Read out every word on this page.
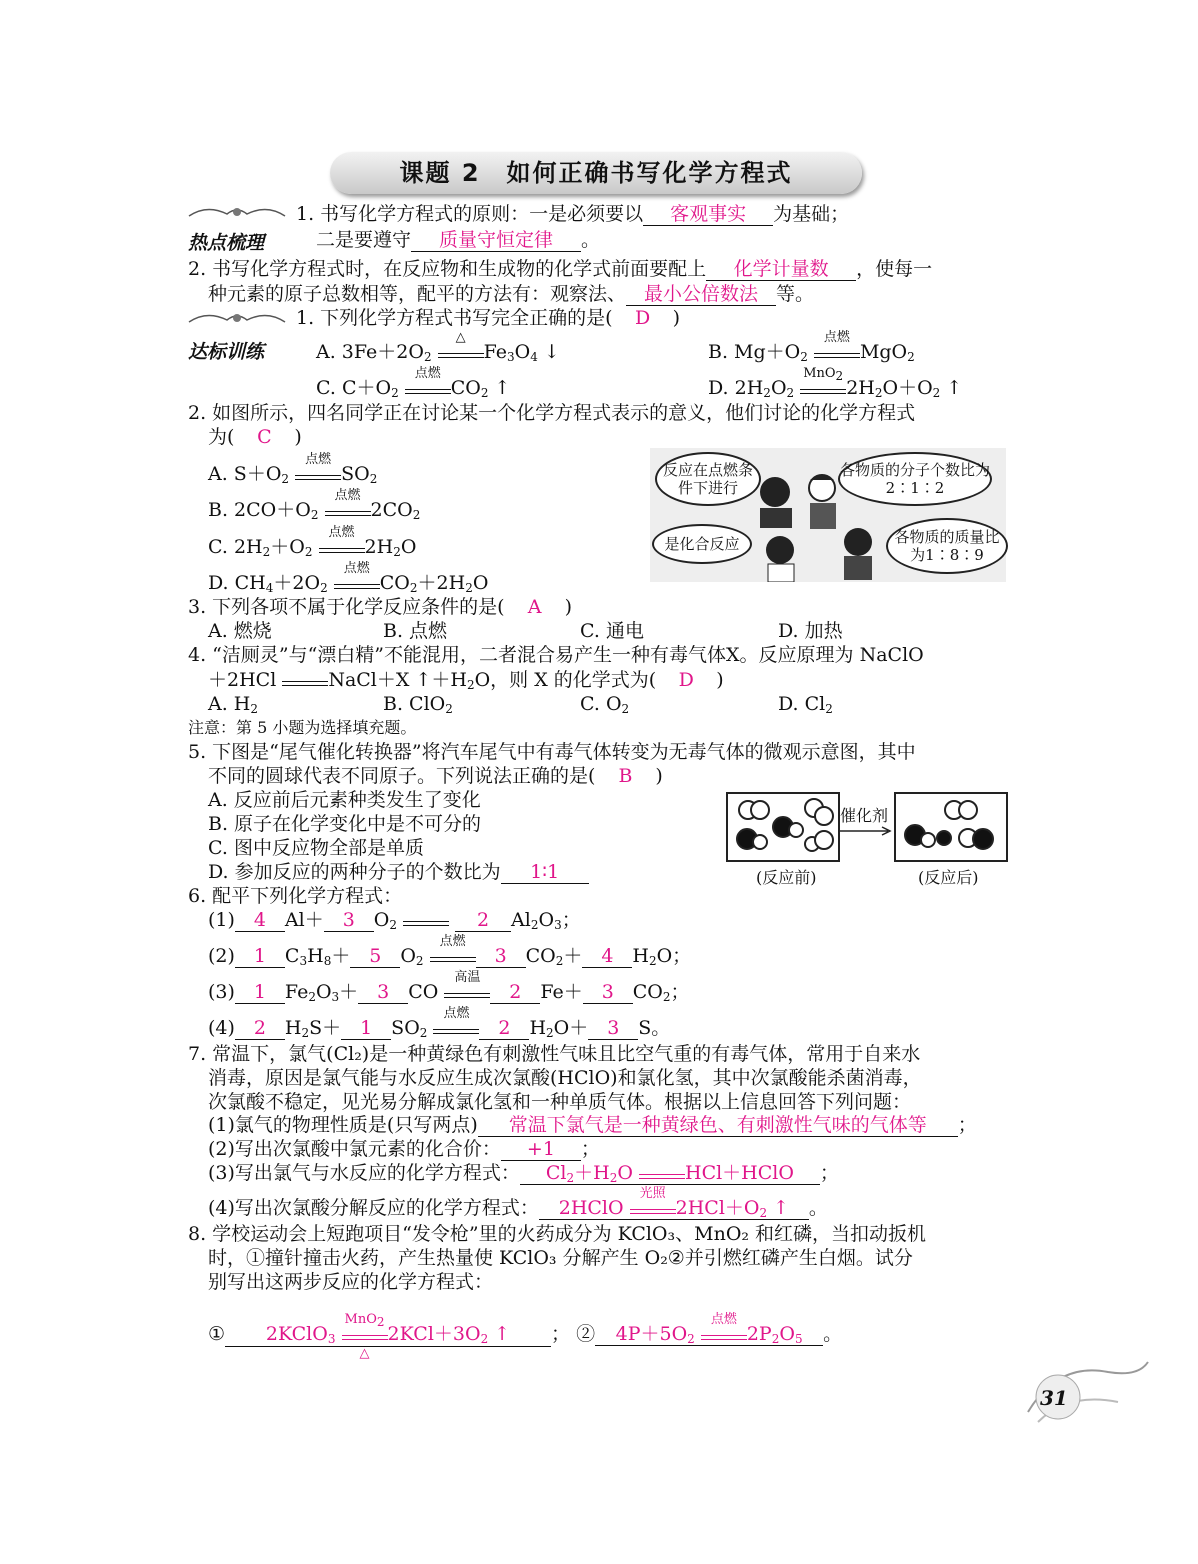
课题 2　如何正确书写化学方程式
热点梳理
达标训练
1. 书写化学方程式的原则：一是必须要以 客观事实 为基础；
二是要遵守 质量守恒定律 。
2. 书写化学方程式时，在反应物和生成物的化学式前面要配上 化学计量数 ，使每一
种元素的原子总数相等，配平的方法有：观察法、 最小公倍数法 等。
1. 下列化学方程式书写完全正确的是( D )
A. $3Fe+2O_2$
△
$Fe_3O_4$ ↓	B. $Mg+O_2$
点燃
MgO$_2$
C. $C+O_2$
点燃
$CO_2$ ↑	D. $2H_2O_2$
MnO$_2$
$2H_2O+O_2$ ↑
2. 如图所示，四名同学正在讨论某一个化学方程式表示的意义，他们讨论的化学方程式
为( C )
A. $S+O_2$
点燃
$SO_2$
B. $2CO+O_2$
点燃
$2CO_2$
C. $2H_2+O_2$
点燃
$2H_2O$
D. $CH_4+2O_2$
点燃
$CO_2+2H_2O$
反应在点燃条件下进行
各物质的分子个数比为2∶1∶2
是化合反应	各物质的质量比为1∶8∶9
3. 下列各项不属于化学反应条件的是( A )
A. 燃烧	B. 点燃	C. 通电	D. 加热
4. “洁厕灵”与“漂白精”不能混用，二者混合易产生一种有毒气体X。反应原理为 NaClO
＋2HCl
NaCl＋X $↑+H_2O$，则 X 的化学式为( D )
A. $H_2$	B. ClO$_2$	C. $O_2$	D. $Cl_2$
注意：第 5 小题为选择填充题。
5. 下图是“尾气催化转换器”将汽车尾气中有毒气体转变为无毒气体的微观示意图，其中
不同的圆球代表不同原子。下列说法正确的是( B )
A. 反应前后元素种类发生了变化
B. 原子在化学变化中是不可分的
C. 图中反应物全部是单质
D. 参加反应的两种分子的个数比为 1∶1
催化剂
(反应前)	(反应后)
6. 配平下列化学方程式：
(1) 4 Al＋ 3 $O_2$	2 $Al_2O_3$；
(2) 1 $C_3H_8+ 5$ $O_2$
点燃
3 $CO_2+ 4$ $H_2O$；
(3) 1 $Fe_2O_3+ 3$ CO
高温
2 Fe＋ 3 $CO_2$；
(4) 2 $H_2S+ 1$ $SO_2$
点燃
2 $H_2O+ 3$ S。
7. 常温下，氯气(Cl₂)是一种黄绿色有刺激性气味且比空气重的有毒气体，常用于自来水
消毒，原因是氯气能与水反应生成次氯酸(HClO)和氯化氢，其中次氯酸能杀菌消毒，
次氯酸不稳定，见光易分解成氯化氢和一种单质气体。根据以上信息回答下列问题：
(1)氯气的物理性质是(只写两点) 常温下氯气是一种黄绿色、有刺激性气味的气体等 ；
(2)写出次氯酸中氯元素的化合价： +1 ；
(3)写出氯气与水反应的化学方程式： $Cl_2+H_2O$
HCl＋HClO ；
(4)写出次氯酸分解反应的化学方程式： 2HClO
光照
$2HCl+O_2$ ↑ 。
8. 学校运动会上短跑项目“发令枪”里的火药成分为 KClO₃、MnO₂ 和红磷，当扣动扳机
时，①撞针撞击火药，产生热量使 KClO₃ 分解产生 O₂②并引燃红磷产生白烟。试分
别写出这两步反应的化学方程式：
① 2KClO$_3$
MnO$_2$
△
$2KCl+3O_2$ ↑ ； ② $4P+5O_2$
点燃
$2P_2O_5$ 。
31
